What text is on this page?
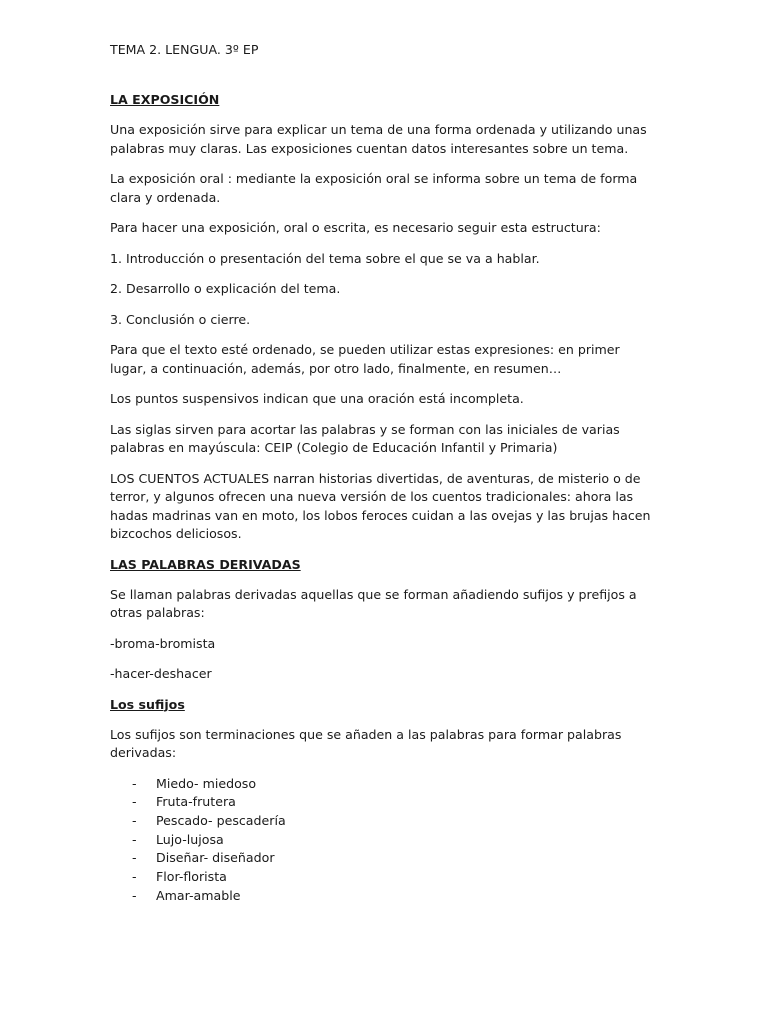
TEMA 2. LENGUA. 3º EP
LA EXPOSICIÓN

Una exposición sirve para explicar un tema de una forma ordenada y utilizando unas palabras muy claras. Las exposiciones cuentan datos interesantes sobre un tema.

La exposición oral : mediante la exposición oral se informa sobre un tema de forma clara y ordenada.

Para hacer una exposición, oral o escrita, es necesario seguir esta estructura:

1. Introducción o presentación del tema sobre el que se va a hablar.

2. Desarrollo o explicación del tema.

3. Conclusión o cierre.

Para que el texto esté ordenado, se pueden utilizar estas expresiones: en primer lugar, a continuación, además, por otro lado, finalmente, en resumen…

Los puntos suspensivos indican que una oración está incompleta.

Las siglas sirven para acortar las palabras y se forman con las iniciales de varias palabras en mayúscula: CEIP (Colegio de Educación Infantil y Primaria)

LOS CUENTOS ACTUALES narran historias divertidas, de aventuras, de misterio o de terror, y algunos ofrecen una nueva versión de los cuentos tradicionales: ahora las hadas madrinas van en moto, los lobos feroces cuidan a las ovejas y las brujas hacen bizcochos deliciosos.

LAS PALABRAS DERIVADAS

Se llaman palabras derivadas aquellas que se forman añadiendo sufijos y prefijos a otras palabras:

-broma-bromista

-hacer-deshacer

Los sufijos

Los sufijos son terminaciones que se añaden a las palabras para formar palabras derivadas:

- Miedo- miedoso
- Fruta-frutera
- Pescado- pescadería
- Lujo-lujosa
- Diseñar- diseñador
- Flor-florista
- Amar-amable
